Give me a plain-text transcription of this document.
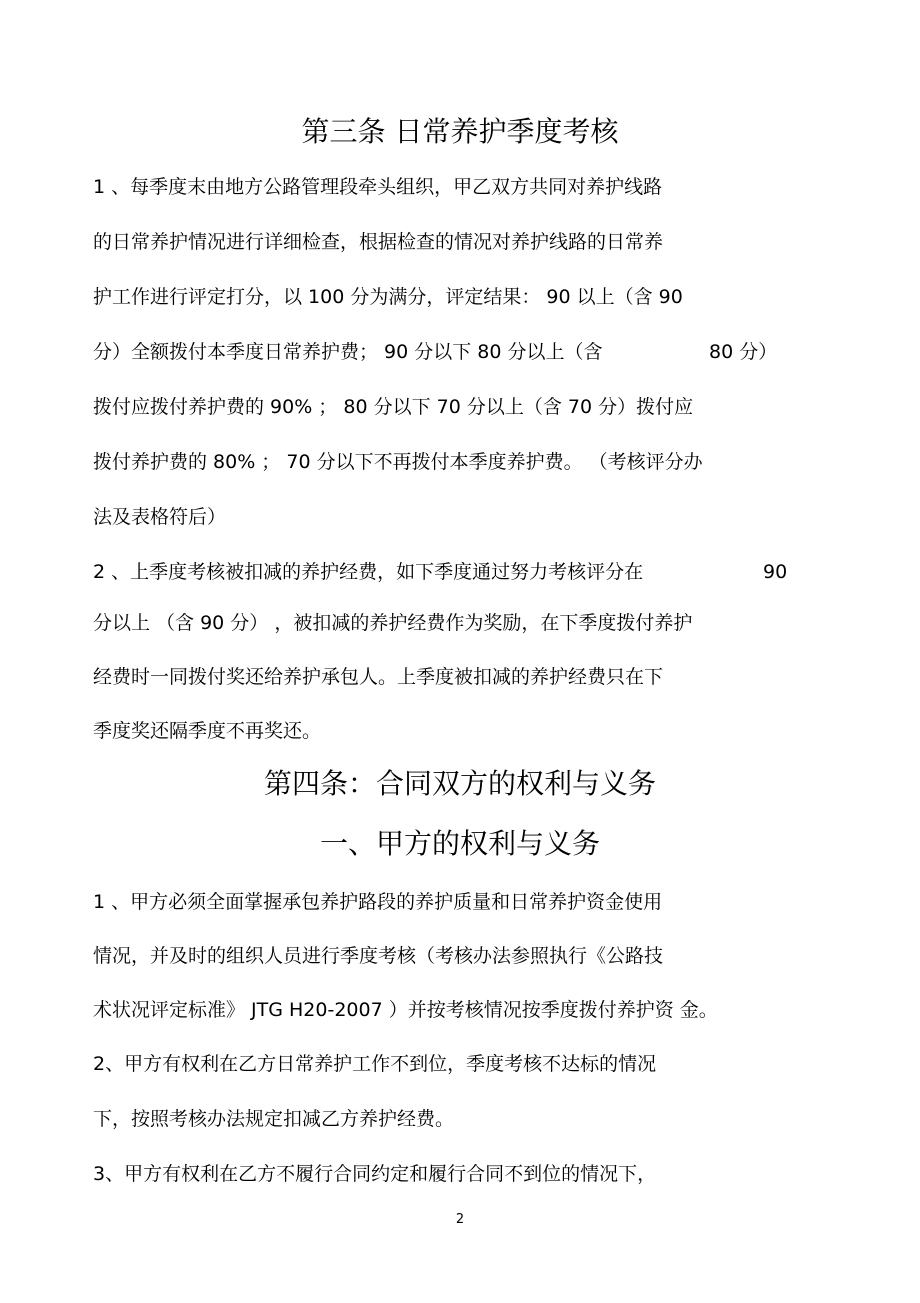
第三条 日常养护季度考核
1 、每季度末由地方公路管理段牵头组织，甲乙双方共同对养护线路
的日常养护情况进行详细检查，根据检查的情况对养护线路的日常养
护工作进行评定打分，以 100 分为满分，评定结果： 90 以上（含 90
分）全额拨付本季度日常养护费； 90 分以下 80 分以上（含	80 分）
拨付应拨付养护费的 90% ； 80 分以下 70 分以上（含 70 分）拨付应
拨付养护费的 80% ； 70 分以下不再拨付本季度养护费。 （考核评分办
法及表格符后）
2 、上季度考核被扣减的养护经费，如下季度通过努力考核评分在	90
分以上 （含 90 分） ，被扣减的养护经费作为奖励，在下季度拨付养护
经费时一同拨付奖还给养护承包人。上季度被扣减的养护经费只在下
季度奖还隔季度不再奖还。
第四条：合同双方的权利与义务
一、甲方的权利与义务
1 、甲方必须全面掌握承包养护路段的养护质量和日常养护资金使用
情况，并及时的组织人员进行季度考核（考核办法参照执行《公路技
术状况评定标准》 JTG H20-2007 ）并按考核情况按季度拨付养护资 金。
2、甲方有权利在乙方日常养护工作不到位，季度考核不达标的情况
下，按照考核办法规定扣减乙方养护经费。
3、甲方有权利在乙方不履行合同约定和履行合同不到位的情况下，
2
